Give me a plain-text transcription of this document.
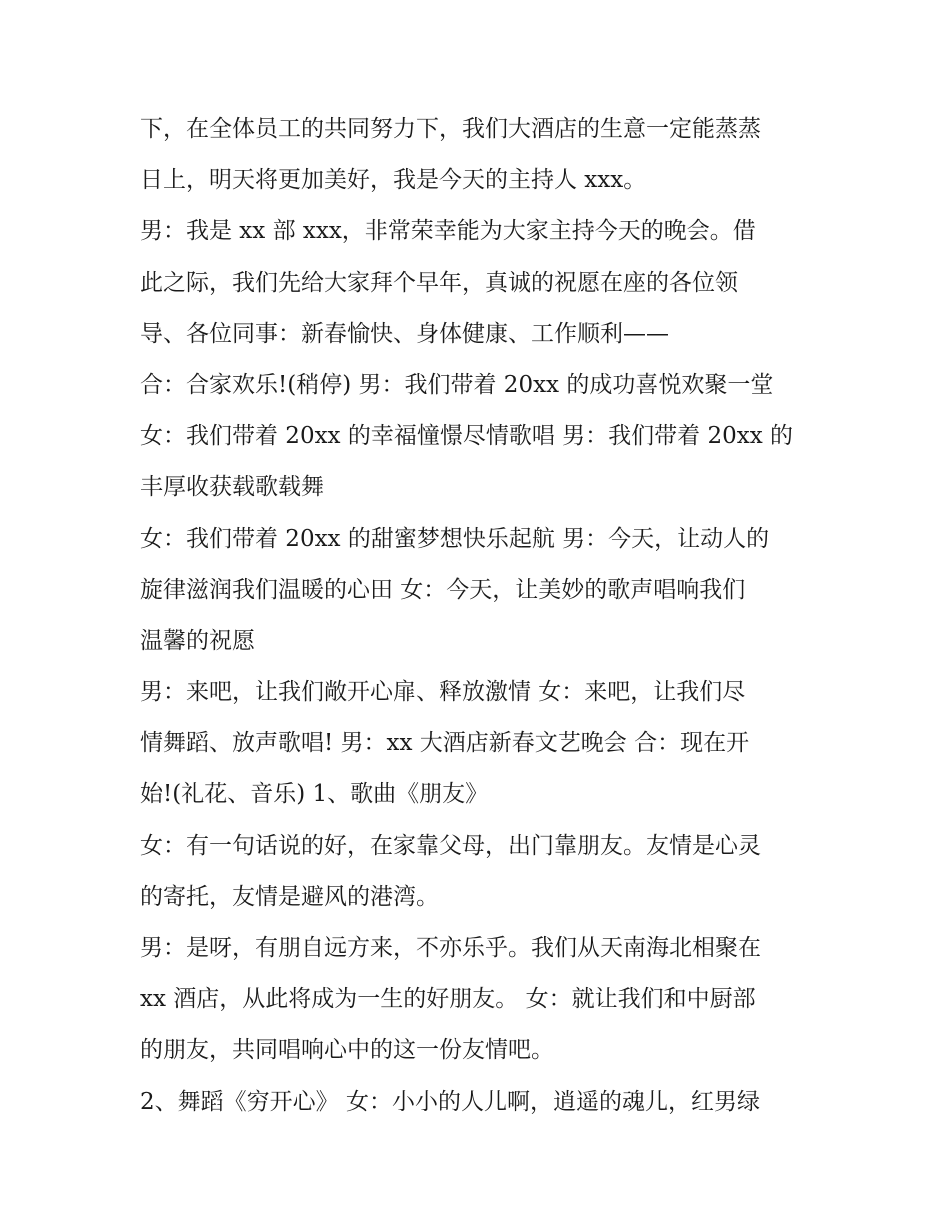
下，在全体员工的共同努力下，我们大酒店的生意一定能蒸蒸
日上，明天将更加美好，我是今天的主持人 xxx。
男：我是 xx 部 xxx，非常荣幸能为大家主持今天的晚会。借
此之际，我们先给大家拜个早年，真诚的祝愿在座的各位领
导、各位同事：新春愉快、身体健康、工作顺利——
合：合家欢乐!(稍停) 男：我们带着 20xx 的成功喜悦欢聚一堂
女：我们带着 20xx 的幸福憧憬尽情歌唱 男：我们带着 20xx 的
丰厚收获载歌载舞
女：我们带着 20xx 的甜蜜梦想快乐起航 男：今天，让动人的
旋律滋润我们温暖的心田 女：今天，让美妙的歌声唱响我们
温馨的祝愿
男：来吧，让我们敞开心扉、释放激情 女：来吧，让我们尽
情舞蹈、放声歌唱! 男：xx 大酒店新春文艺晚会 合：现在开
始!(礼花、音乐) 1、歌曲《朋友》
女：有一句话说的好，在家靠父母，出门靠朋友。友情是心灵
的寄托，友情是避风的港湾。
男：是呀，有朋自远方来，不亦乐乎。我们从天南海北相聚在
xx 酒店，从此将成为一生的好朋友。 女：就让我们和中厨部
的朋友，共同唱响心中的这一份友情吧。
2、舞蹈《穷开心》 女：小小的人儿啊，逍遥的魂儿，红男绿
